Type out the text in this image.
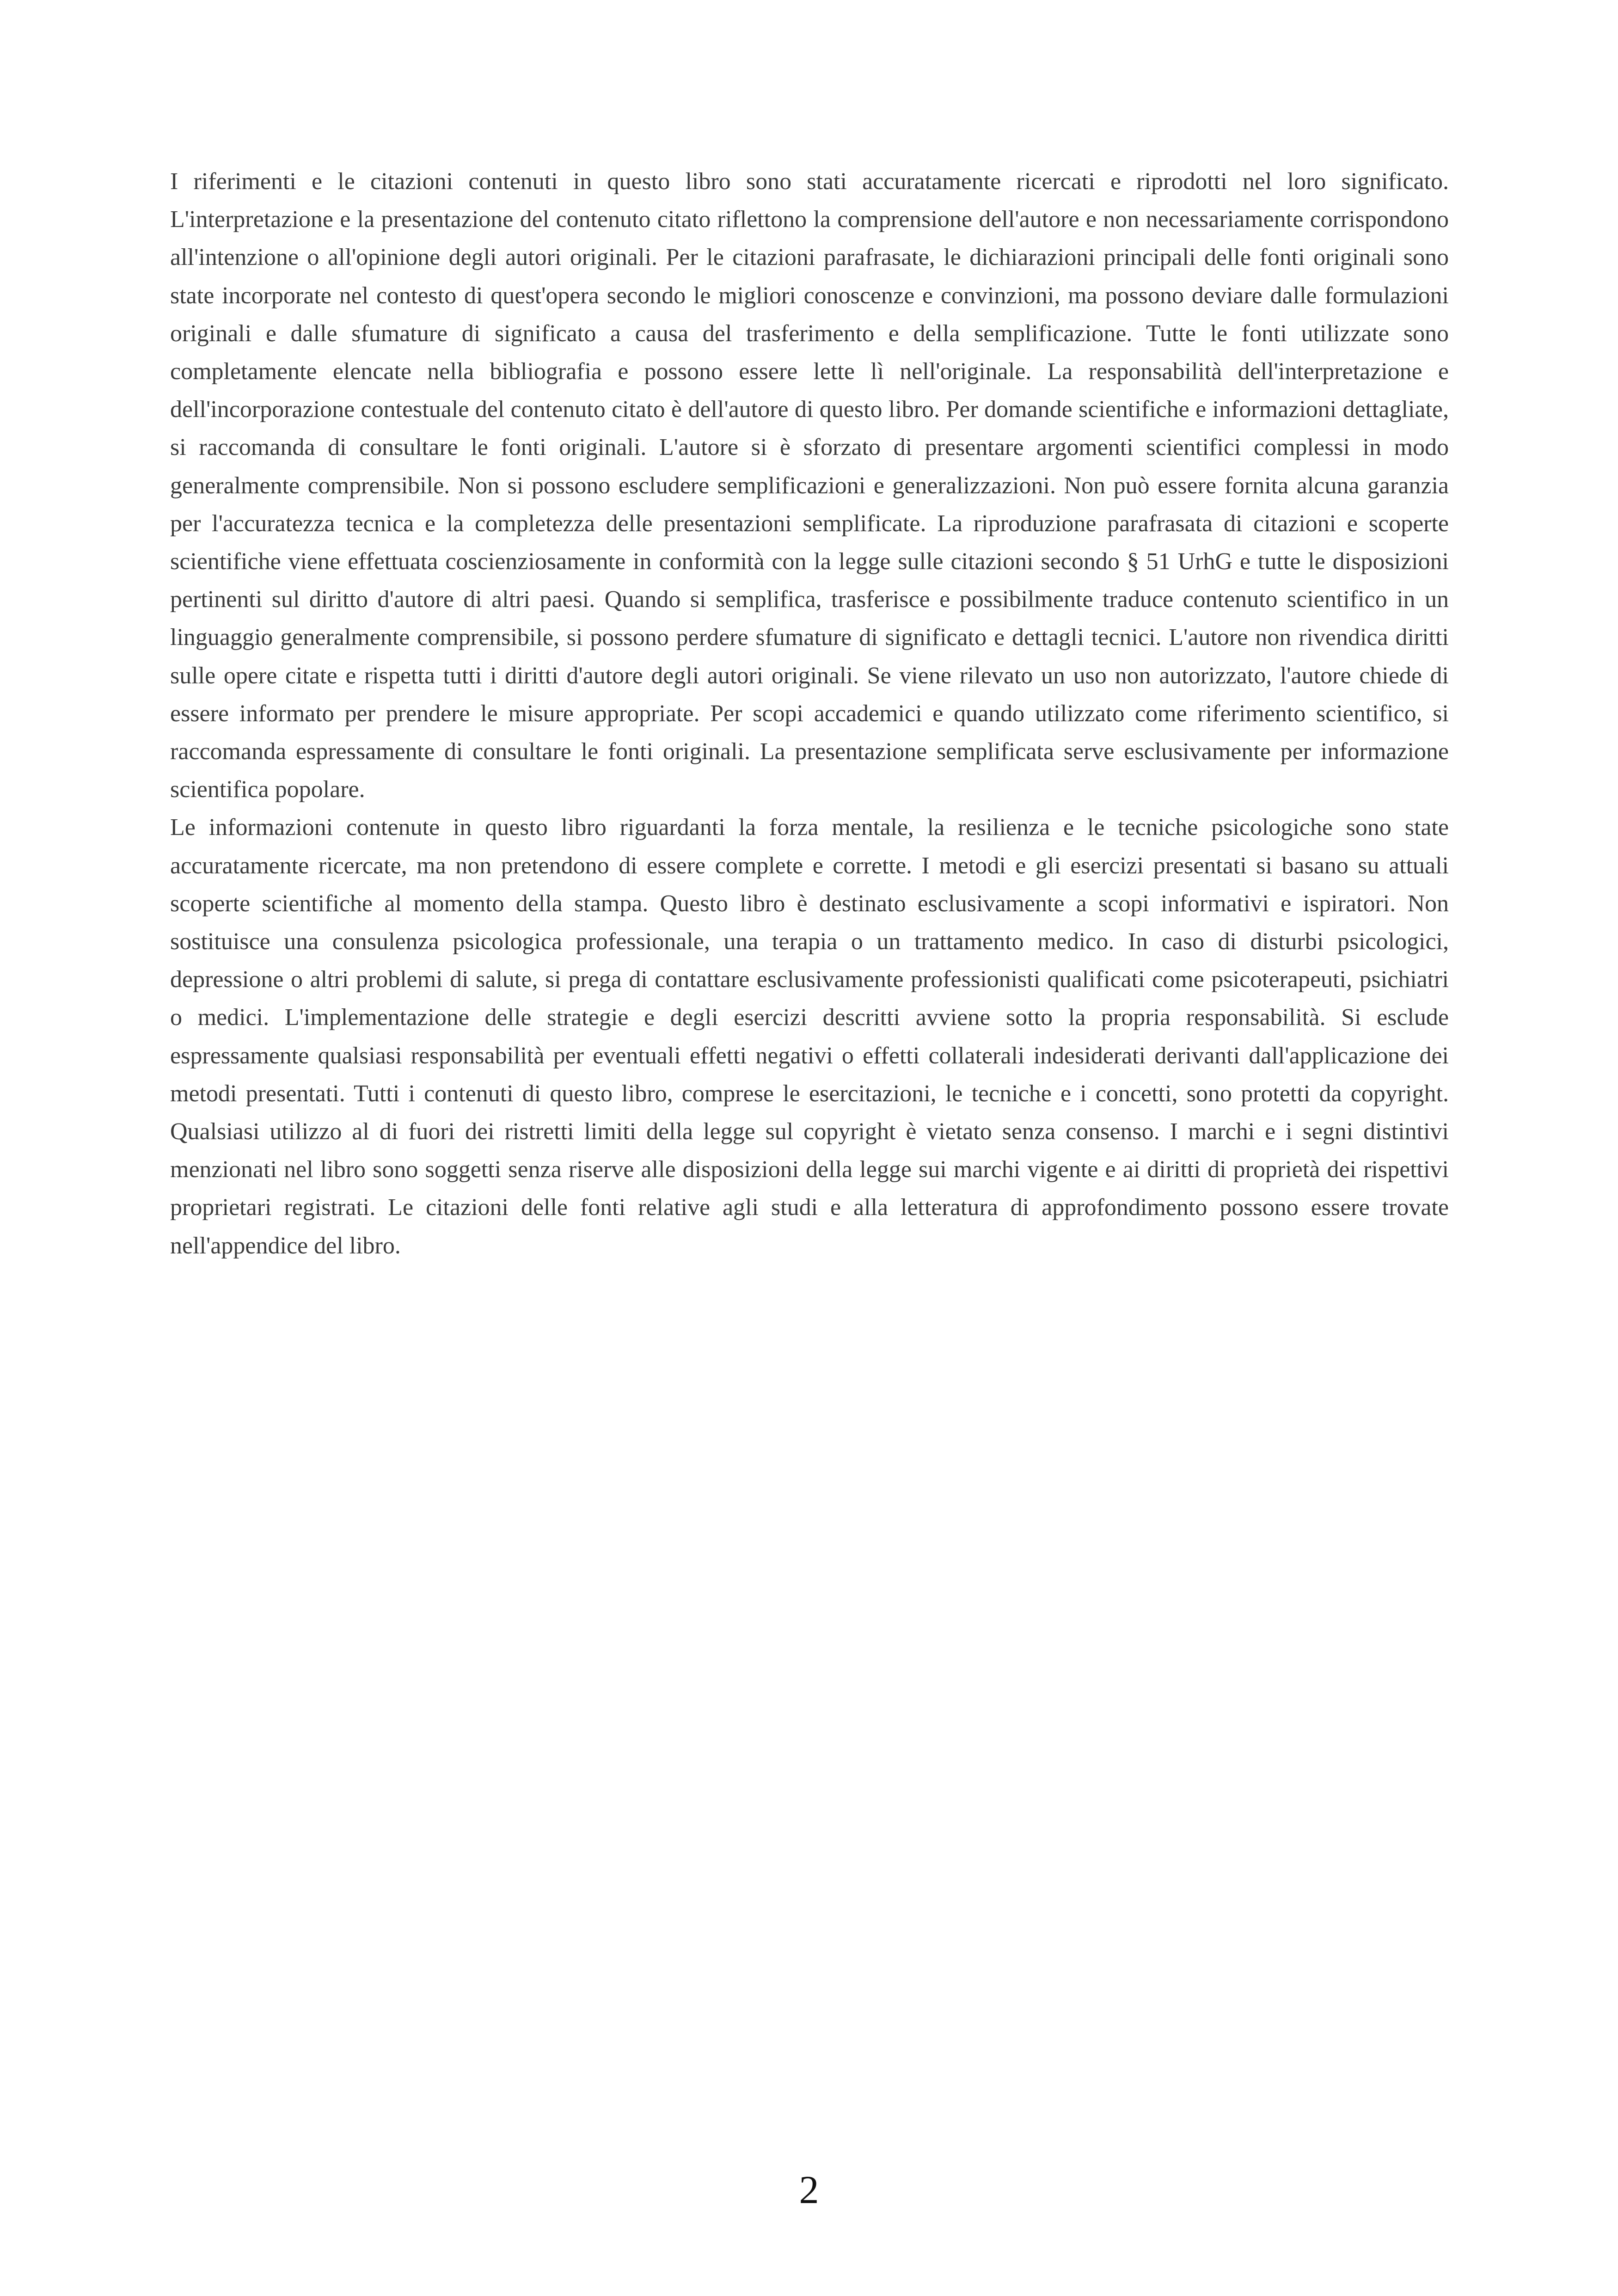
I riferimenti e le citazioni contenuti in questo libro sono stati accuratamente ricercati e riprodotti nel loro significato. L'interpretazione e la presentazione del contenuto citato riflettono la comprensione dell'autore e non necessariamente corrispondono all'intenzione o all'opinione degli autori originali. Per le citazioni parafrasate, le dichiarazioni principali delle fonti originali sono state incorporate nel contesto di quest'opera secondo le migliori conoscenze e convinzioni, ma possono deviare dalle formulazioni originali e dalle sfumature di significato a causa del trasferimento e della semplificazione. Tutte le fonti utilizzate sono completamente elencate nella bibliografia e possono essere lette lì nell'originale. La responsabilità dell'interpretazione e dell'incorporazione contestuale del contenuto citato è dell'autore di questo libro. Per domande scientifiche e informazioni dettagliate, si raccomanda di consultare le fonti originali. L'autore si è sforzato di presentare argomenti scientifici complessi in modo generalmente comprensibile. Non si possono escludere semplificazioni e generalizzazioni. Non può essere fornita alcuna garanzia per l'accuratezza tecnica e la completezza delle presentazioni semplificate. La riproduzione parafrasata di citazioni e scoperte scientifiche viene effettuata coscienziosamente in conformità con la legge sulle citazioni secondo § 51 UrhG e tutte le disposizioni pertinenti sul diritto d'autore di altri paesi. Quando si semplifica, trasferisce e possibilmente traduce contenuto scientifico in un linguaggio generalmente comprensibile, si possono perdere sfumature di significato e dettagli tecnici. L'autore non rivendica diritti sulle opere citate e rispetta tutti i diritti d'autore degli autori originali. Se viene rilevato un uso non autorizzato, l'autore chiede di essere informato per prendere le misure appropriate. Per scopi accademici e quando utilizzato come riferimento scientifico, si raccomanda espressamente di consultare le fonti originali. La presentazione semplificata serve esclusivamente per informazione scientifica popolare.

Le informazioni contenute in questo libro riguardanti la forza mentale, la resilienza e le tecniche psicologiche sono state accuratamente ricercate, ma non pretendono di essere complete e corrette. I metodi e gli esercizi presentati si basano su attuali scoperte scientifiche al momento della stampa. Questo libro è destinato esclusivamente a scopi informativi e ispiratori. Non sostituisce una consulenza psicologica professionale, una terapia o un trattamento medico. In caso di disturbi psicologici, depressione o altri problemi di salute, si prega di contattare esclusivamente professionisti qualificati come psicoterapeuti, psichiatri o medici. L'implementazione delle strategie e degli esercizi descritti avviene sotto la propria responsabilità. Si esclude espressamente qualsiasi responsabilità per eventuali effetti negativi o effetti collaterali indesiderati derivanti dall'applicazione dei metodi presentati. Tutti i contenuti di questo libro, comprese le esercitazioni, le tecniche e i concetti, sono protetti da copyright. Qualsiasi utilizzo al di fuori dei ristretti limiti della legge sul copyright è vietato senza consenso. I marchi e i segni distintivi menzionati nel libro sono soggetti senza riserve alle disposizioni della legge sui marchi vigente e ai diritti di proprietà dei rispettivi proprietari registrati. Le citazioni delle fonti relative agli studi e alla letteratura di approfondimento possono essere trovate nell'appendice del libro.

2
